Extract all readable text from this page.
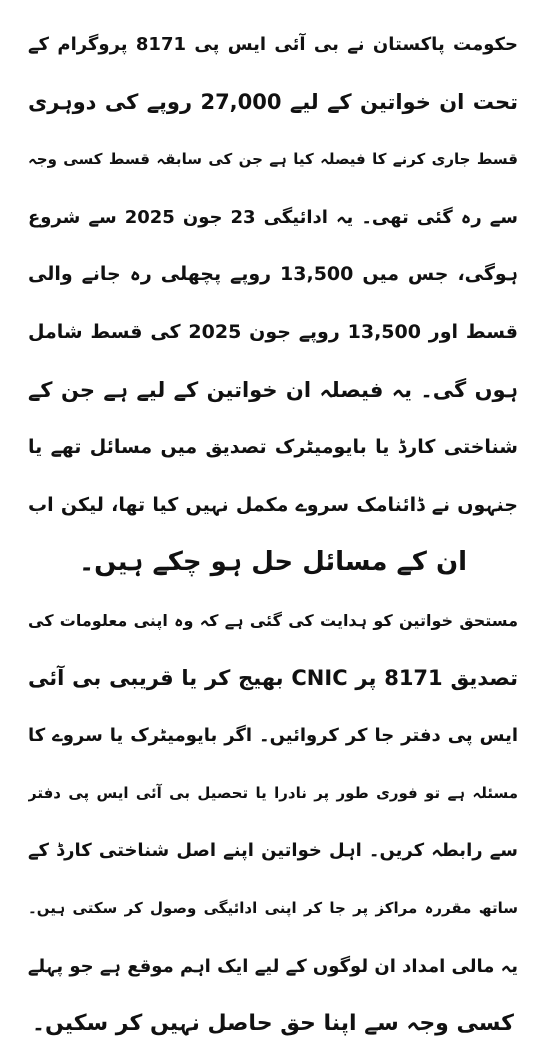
حکومت پاکستان نے بی آئی ایس پی 8171 پروگرام کے
تحت ان خواتین کے لیے 27,000 روپے کی دوہری
قسط جاری کرنے کا فیصلہ کیا ہے جن کی سابقہ قسط کسی وجہ
سے رہ گئی تھی۔ یہ ادائیگی 23 جون 2025 سے شروع
ہوگی، جس میں 13,500 روپے پچھلی رہ جانے والی
قسط اور 13,500 روپے جون 2025 کی قسط شامل
ہوں گی۔ یہ فیصلہ ان خواتین کے لیے ہے جن کے
شناختی کارڈ یا بایومیٹرک تصدیق میں مسائل تھے یا
جنہوں نے ڈائنامک سروے مکمل نہیں کیا تھا، لیکن اب
ان کے مسائل حل ہو چکے ہیں۔
مستحق خواتین کو ہدایت کی گئی ہے کہ وہ اپنی معلومات کی
تصدیق 8171 پر CNIC بھیج کر یا قریبی بی آئی
ایس پی دفتر جا کر کروائیں۔ اگر بایومیٹرک یا سروے کا
مسئلہ ہے تو فوری طور پر نادرا یا تحصیل بی آئی ایس پی دفتر
سے رابطہ کریں۔ اہل خواتین اپنے اصل شناختی کارڈ کے
ساتھ مقررہ مراکز پر جا کر اپنی ادائیگی وصول کر سکتی ہیں۔
یہ مالی امداد ان لوگوں کے لیے ایک اہم موقع ہے جو پہلے
کسی وجہ سے اپنا حق حاصل نہیں کر سکیں۔
